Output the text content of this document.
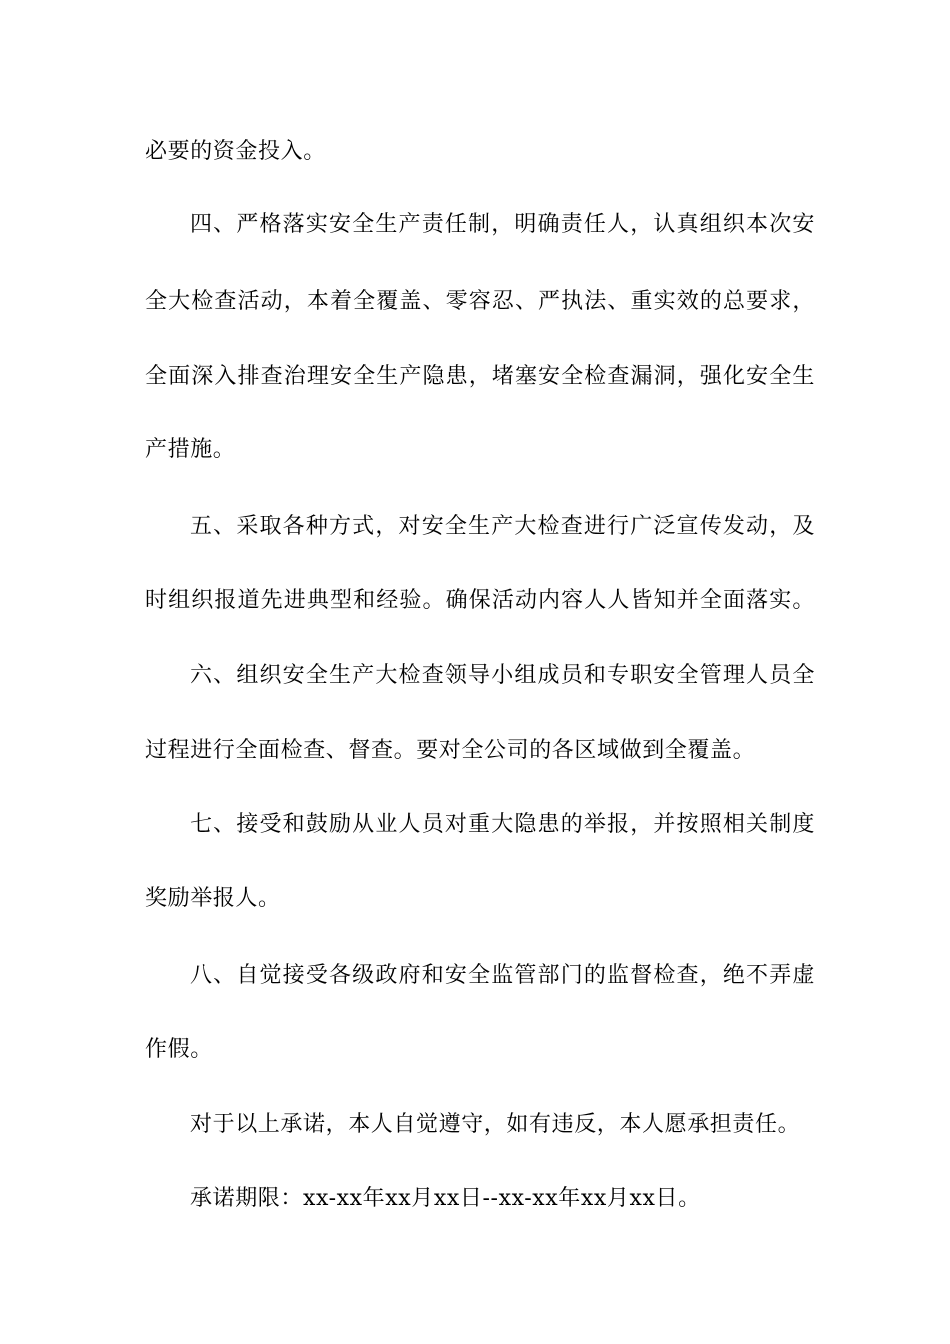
必要的资金投入。
四、严格落实安全生产责任制，明确责任人，认真组织本次安
全大检查活动，本着全覆盖、零容忍、严执法、重实效的总要求，
全面深入排查治理安全生产隐患，堵塞安全检查漏洞，强化安全生
产措施。
五、采取各种方式，对安全生产大检查进行广泛宣传发动，及
时组织报道先进典型和经验。确保活动内容人人皆知并全面落实。
六、组织安全生产大检查领导小组成员和专职安全管理人员全
过程进行全面检查、督查。要对全公司的各区域做到全覆盖。
七、接受和鼓励从业人员对重大隐患的举报，并按照相关制度
奖励举报人。
八、自觉接受各级政府和安全监管部门的监督检查，绝不弄虚
作假。
对于以上承诺，本人自觉遵守，如有违反，本人愿承担责任。
承诺期限：xx-xx年xx月xx日--xx-xx年xx月xx日。
